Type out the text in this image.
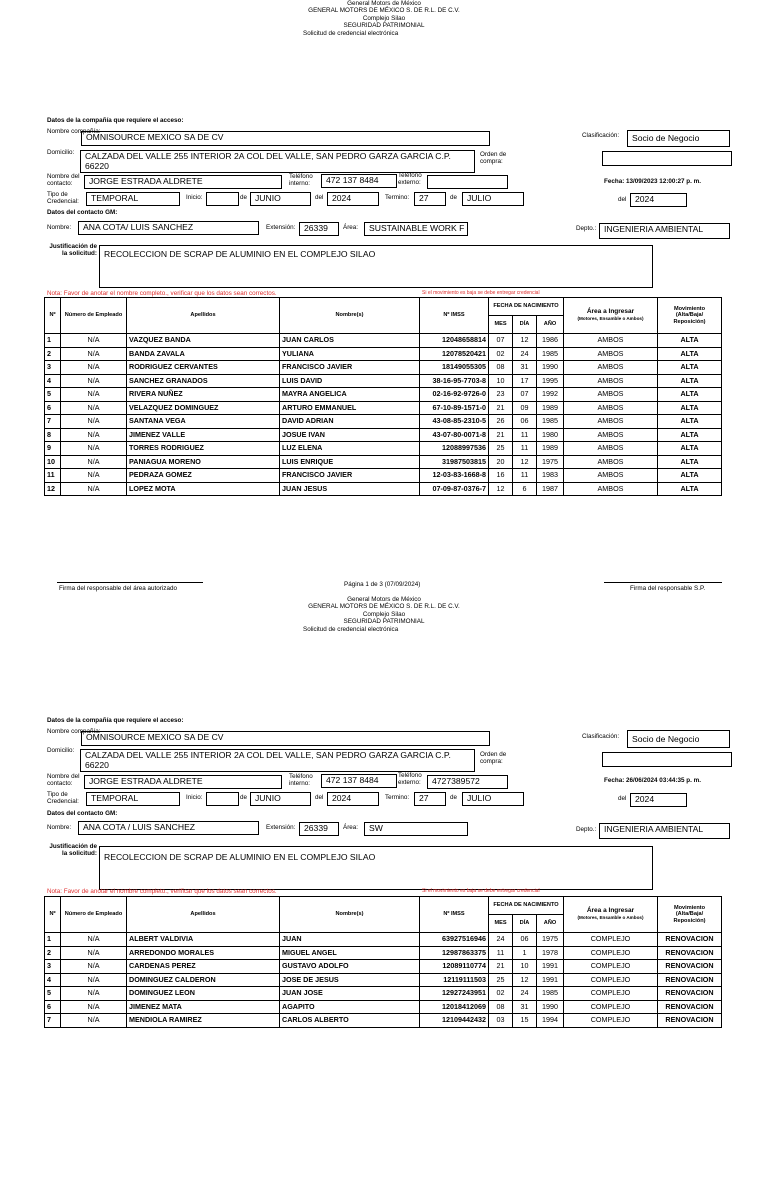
General Motors de México
GENERAL MOTORS DE MÉXICO S. DE R.L. DE C.V.
Complejo Silao
SEGURIDAD PATRIMONIAL
Solicitud de credencial electrónica
Datos de la compañía que requiere el acceso:
Nombre compañía:
OMNISOURCE MEXICO SA DE CV	Clasificación:	Socio de Negocio
Domicilio:	CALZADA DEL VALLE 255 INTERIOR 2A COL DEL VALLE, SAN PEDRO GARZA GARCIA C.P. 66220
Orden de compra:
Nombre del contacto:	JORGE ESTRADA ALDRETE	Teléfono interno:	472 137 8484	Teléfono externo:	Fecha: 13/09/2023 12:00:27 p. m.
Tipo de Credencial:	TEMPORAL	Inicio:	de JUNIO	del 2024	Termino:	27	de	JULIO	del 2024
Datos del contacto GM:
Nombre:	ANA COTA/ LUIS SANCHEZ	Extensión: 26339	Área:	SUSTAINABLE WORK F	Depto.: INGENIERIA AMBIENTAL
Justificación de la solicitud: RECOLECCION DE SCRAP DE ALUMINIO EN EL COMPLEJO SILAO
Nota: Favor de anotar el nombre completo., verificar que los datos sean correctos.	Si el movimiento es baja se debe entregar credencial
Nº	Número de Empleado	Apellidos	Nombre(s)	Nº IMSS	FECHA DE NACIMIENTO			Área a Ingresar
(Motores, Ensamble o Ambos)	Movimiento (Alta/Baja/ Reposición)
					MES	DÍA	AÑO		
1	N/A	VAZQUEZ BANDA	JUAN CARLOS	12048658814	07	12	1986	AMBOS	ALTA
2	N/A	BANDA ZAVALA	YULIANA	12078520421	02	24	1985	AMBOS	ALTA
3	N/A	RODRIGUEZ CERVANTES	FRANCISCO JAVIER	18149055305	08	31	1990	AMBOS	ALTA
4	N/A	SANCHEZ GRANADOS	LUIS DAVID	38-16-95-7703-8	10	17	1995	AMBOS	ALTA
5	N/A	RIVERA NUÑEZ	MAYRA ANGELICA	02-16-92-9726-0	23	07	1992	AMBOS	ALTA
6	N/A	VELAZQUEZ DOMINGUEZ	ARTURO EMMANUEL	67-10-89-1571-0	21	09	1989	AMBOS	ALTA
7	N/A	SANTANA VEGA	DAVID ADRIAN	43-08-85-2310-5	26	06	1985	AMBOS	ALTA
8	N/A	JIMENEZ VALLE	JOSUE IVAN	43-07-80-0071-8	21	11	1980	AMBOS	ALTA
9	N/A	TORRES RODRIGUEZ	LUZ ELENA	12088997536	25	11	1989	AMBOS	ALTA
10	N/A	PANIAGUA MORENO	LUIS ENRIQUE	31987503815	20	12	1975	AMBOS	ALTA
11	N/A	PEDRAZA GOMEZ	FRANCISCO JAVIER	12-03-83-1668-8	16	11	1983	AMBOS	ALTA
12	N/A	LOPEZ MOTA	JUAN JESUS	07-09-87-0376-7	12	6	1987	AMBOS	ALTA
Firma del responsable del área autorizado
Página 1 de 3 (07/09/2024)
Firma del responsable S.P.
General Motors de México
GENERAL MOTORS DE MÉXICO S. DE R.L. DE C.V.
Complejo Silao
SEGURIDAD PATRIMONIAL
Solicitud de credencial electrónica
Datos de la compañía que requiere el acceso:
Nombre compañía:
OMNISOURCE MEXICO SA DE CV	Clasificación:	Socio de Negocio
Domicilio:	CALZADA DEL VALLE 255 INTERIOR 2A COL DEL VALLE, SAN PEDRO GARZA GARCIA C.P. 66220
Orden de compra:
Nombre del contacto:	JORGE ESTRADA ALDRETE	Teléfono interno:	472 137 8484	Teléfono externo:	4727389572	Fecha: 26/06/2024 03:44:35 p. m.
Tipo de Credencial:	TEMPORAL	Inicio:	de JUNIO	del 2024	Termino:	27	de	JULIO	del 2024
Datos del contacto GM:
Nombre:	ANA COTA / LUIS SANCHEZ	Extensión: 26339	Área:	SW	Depto.: INGENIERIA AMBIENTAL
Justificación de la solicitud: RECOLECCION DE SCRAP DE ALUMINIO EN EL COMPLEJO SILAO
Nota: Favor de anotar el nombre completo., verificar que los datos sean correctos.	Si el movimiento es baja se debe entregar credencial
Nº	Número de Empleado	Apellidos	Nombre(s)	Nº IMSS	FECHA DE NACIMIENTO			Área a Ingresar
(Motores, Ensamble o Ambos)	Movimiento (Alta/Baja/ Reposición)
					MES	DÍA	AÑO		
1	N/A	ALBERT VALDIVIA	JUAN	63927516946	24	06	1975	COMPLEJO	RENOVACION
2	N/A	ARREDONDO MORALES	MIGUEL ANGEL	12987863375	11	1	1978	COMPLEJO	RENOVACION
3	N/A	CARDENAS PEREZ	GUSTAVO ADOLFO	12089110774	21	10	1991	COMPLEJO	RENOVACION
4	N/A	DOMINGUEZ CALDERON	JOSE DE JESUS	12119111503	25	12	1991	COMPLEJO	RENOVACION
5	N/A	DOMINGUEZ LEON	JUAN JOSE	12927243951	02	24	1985	COMPLEJO	RENOVACION
6	N/A	JIMENEZ MATA	AGAPITO	12018412069	08	31	1990	COMPLEJO	RENOVACION
7	N/A	MENDIOLA RAMIREZ	CARLOS ALBERTO	12109442432	03	15	1994	COMPLEJO	RENOVACION
